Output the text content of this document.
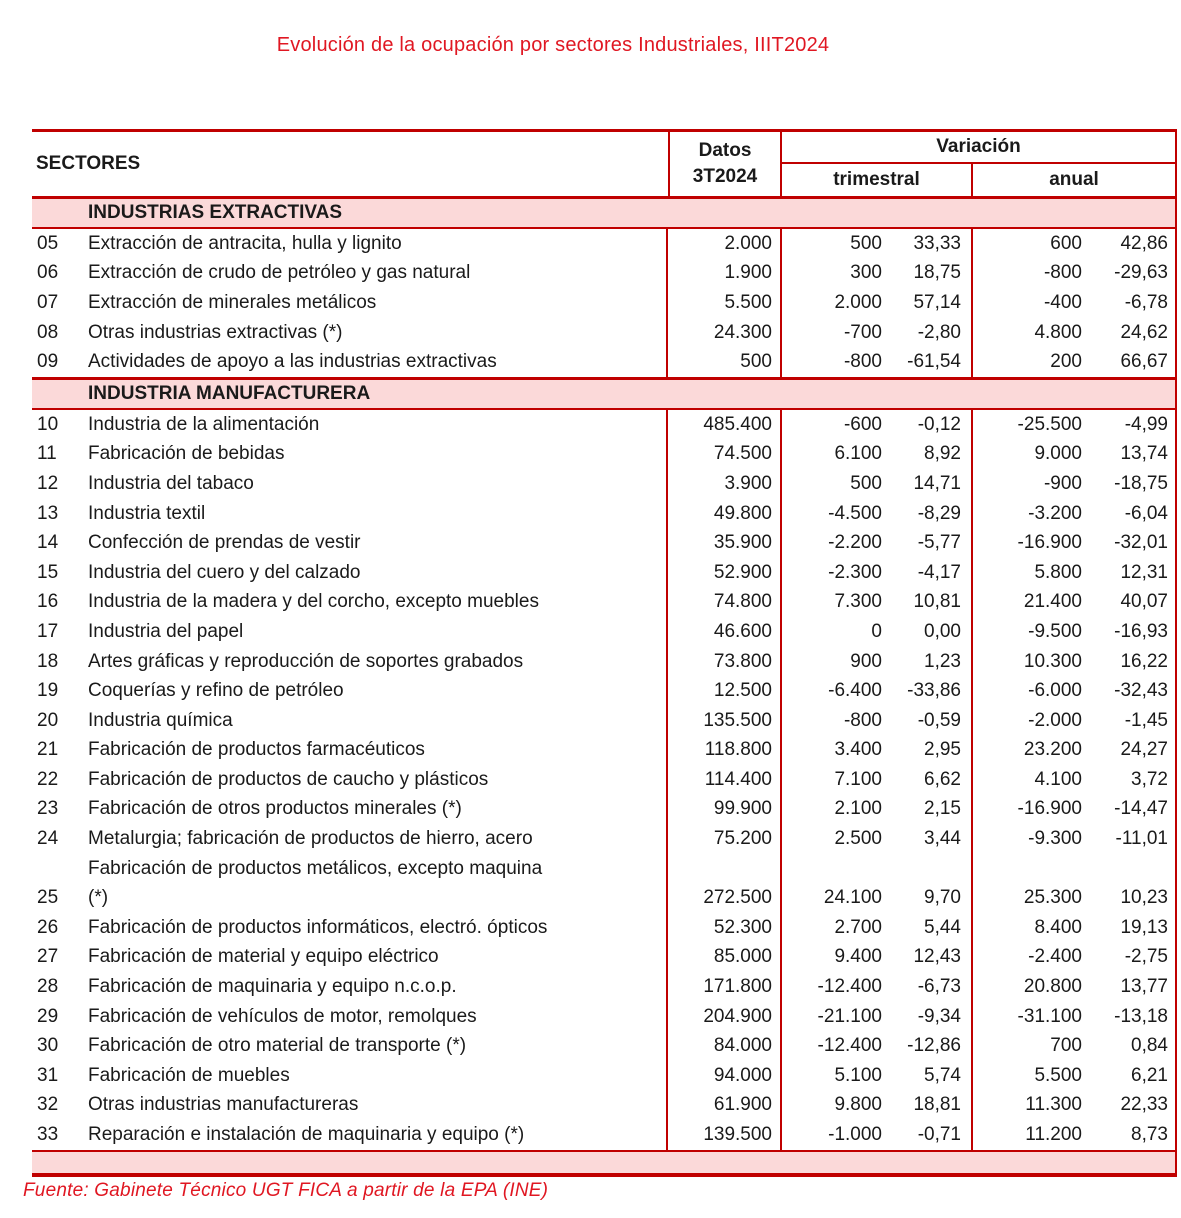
Evolución de la ocupación por sectores Industriales, IIIT2024
SECTORES
Datos
3T2024
Variación
trimestral	anual
INDUSTRIAS EXTRACTIVAS
05	Extracción de antracita, hulla y lignito	2.000	500	33,33	600	42,86
06	Extracción de crudo de petróleo y gas natural	1.900	300	18,75	-800	-29,63
07	Extracción de minerales metálicos	5.500	2.000	57,14	-400	-6,78
08	Otras industrias extractivas (*)	24.300	-700	-2,80	4.800	24,62
09	Actividades de apoyo a las industrias extractivas	500	-800	-61,54	200	66,67
INDUSTRIA MANUFACTURERA
10	Industria de la alimentación	485.400	-600	-0,12	-25.500	-4,99
11	Fabricación de bebidas	74.500	6.100	8,92	9.000	13,74
12	Industria del tabaco	3.900	500	14,71	-900	-18,75
13	Industria textil	49.800	-4.500	-8,29	-3.200	-6,04
14	Confección de prendas de vestir	35.900	-2.200	-5,77	-16.900	-32,01
15	Industria del cuero y del calzado	52.900	-2.300	-4,17	5.800	12,31
16	Industria de la madera y del corcho, excepto muebles	74.800	7.300	10,81	21.400	40,07
17	Industria del papel	46.600	0	0,00	-9.500	-16,93
18	Artes gráficas y reproducción de soportes grabados	73.800	900	1,23	10.300	16,22
19	Coquerías y refino de petróleo	12.500	-6.400	-33,86	-6.000	-32,43
20	Industria química	135.500	-800	-0,59	-2.000	-1,45
21	Fabricación de productos farmacéuticos	118.800	3.400	2,95	23.200	24,27
22	Fabricación de productos de caucho y plásticos	114.400	7.100	6,62	4.100	3,72
23	Fabricación de otros productos minerales (*)	99.900	2.100	2,15	-16.900	-14,47
24	Metalurgia; fabricación de productos de hierro, acero	75.200	2.500	3,44	-9.300	-11,01
Fabricación de productos metálicos, excepto maquina
25	(*)	272.500	24.100	9,70	25.300	10,23
26	Fabricación de productos informáticos, electró. ópticos	52.300	2.700	5,44	8.400	19,13
27	Fabricación de material y equipo eléctrico	85.000	9.400	12,43	-2.400	-2,75
28	Fabricación de maquinaria y equipo n.c.o.p.	171.800	-12.400	-6,73	20.800	13,77
29	Fabricación de vehículos de motor, remolques	204.900	-21.100	-9,34	-31.100	-13,18
30	Fabricación de otro material de transporte (*)	84.000	-12.400	-12,86	700	0,84
31	Fabricación de muebles	94.000	5.100	5,74	5.500	6,21
32	Otras industrias manufactureras	61.900	9.800	18,81	11.300	22,33
33	Reparación e instalación de maquinaria y equipo (*)	139.500	-1.000	-0,71	11.200	8,73
Fuente: Gabinete Técnico UGT FICA a partir de la EPA (INE)
